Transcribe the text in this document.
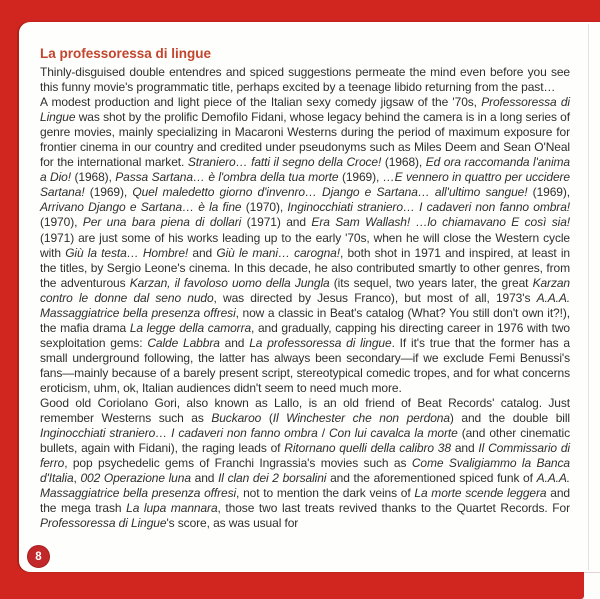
La professoressa di lingue

Thinly-disguised double entendres and spiced suggestions permeate the mind even before you see this funny movie's programmatic title, perhaps excited by a teenage libido returning from the past…

A modest production and light piece of the Italian sexy comedy jigsaw of the '70s, Professoressa di Lingue was shot by the prolific Demofilo Fidani, whose legacy behind the camera is in a long series of genre movies, mainly specializing in Macaroni Westerns during the period of maximum exposure for frontier cinema in our country and credited under pseudonyms such as Miles Deem and Sean O'Neal for the international market. Straniero… fatti il segno della Croce! (1968), Ed ora raccomanda l'anima a Dio! (1968), Passa Sartana… è l'ombra della tua morte (1969), …E vennero in quattro per uccidere Sartana! (1969), Quel maledetto giorno d'invenro… Django e Sartana… all'ultimo sangue! (1969), Arrivano Django e Sartana… è la fine (1970), Inginocchiati straniero… I cadaveri non fanno ombra! (1970), Per una bara piena di dollari (1971) and Era Sam Wallash! …lo chiamavano E così sia! (1971) are just some of his works leading up to the early '70s, when he will close the Western cycle with Giù la testa… Hombre! and Giù le mani… carogna!, both shot in 1971 and inspired, at least in the titles, by Sergio Leone's cinema. In this decade, he also contributed smartly to other genres, from the adventurous Karzan, il favoloso uomo della Jungla (its sequel, two years later, the great Karzan contro le donne dal seno nudo, was directed by Jesus Franco), but most of all, 1973's A.A.A. Massaggiatrice bella presenza offresi, now a classic in Beat's catalog (What? You still don't own it?!), the mafia drama La legge della camorra, and gradually, capping his directing career in 1976 with two sexploitation gems: Calde Labbra and La professoressa di lingue. If it's true that the former has a small underground following, the latter has always been secondary—if we exclude Femi Benussi's fans—mainly because of a barely present script, stereotypical comedic tropes, and for what concerns eroticism, uhm, ok, Italian audiences didn't seem to need much more.

Good old Coriolano Gori, also known as Lallo, is an old friend of Beat Records' catalog. Just remember Westerns such as Buckaroo (Il Winchester che non perdona) and the double bill Inginocchiati straniero… I cadaveri non fanno ombra / Con lui cavalca la morte (and other cinematic bullets, again with Fidani), the raging leads of Ritornano quelli della calibro 38 and Il Commissario di ferro, pop psychedelic gems of Franchi Ingrassia's movies such as Come Svaligiammo la Banca d'Italia, 002 Operazione luna and Il clan dei 2 borsalini and the aforementioned spiced funk of A.A.A. Massaggiatrice bella presenza offresi, not to mention the dark veins of La morte scende leggera and the mega trash La lupa mannara, those two last treats revived thanks to the Quartet Records. For Professoressa di Lingue's score, as was usual for

8
